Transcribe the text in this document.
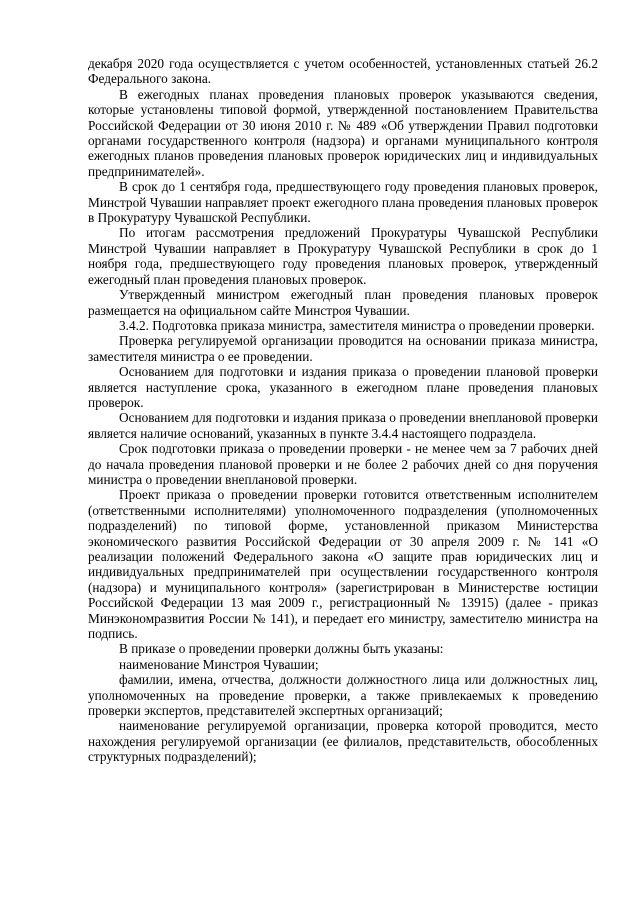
декабря 2020 года осуществляется с учетом особенностей, установленных статьей 26.2 Федерального закона.

В ежегодных планах проведения плановых проверок указываются сведения, которые установлены типовой формой, утвержденной постановлением Правительства Российской Федерации от 30 июня 2010 г. № 489 «Об утверждении Правил подготовки органами государственного контроля (надзора) и органами муниципального контроля ежегодных планов проведения плановых проверок юридических лиц и индивидуальных предпринимателей».

В срок до 1 сентября года, предшествующего году проведения плановых проверок, Минстрой Чувашии направляет проект ежегодного плана проведения плановых проверок в Прокуратуру Чувашской Республики.

По итогам рассмотрения предложений Прокуратуры Чувашской Республики Минстрой Чувашии направляет в Прокуратуру Чувашской Республики в срок до 1 ноября года, предшествующего году проведения плановых проверок, утвержденный ежегодный план проведения плановых проверок.

Утвержденный министром ежегодный план проведения плановых проверок размещается на официальном сайте Минстроя Чувашии.

3.4.2. Подготовка приказа министра, заместителя министра о проведении проверки.

Проверка регулируемой организации проводится на основании приказа министра, заместителя министра о ее проведении.

Основанием для подготовки и издания приказа о проведении плановой проверки является наступление срока, указанного в ежегодном плане проведения плановых проверок.

Основанием для подготовки и издания приказа о проведении внеплановой проверки является наличие оснований, указанных в пункте 3.4.4 настоящего подраздела.

Срок подготовки приказа о проведении проверки - не менее чем за 7 рабочих дней до начала проведения плановой проверки и не более 2 рабочих дней со дня поручения министра о проведении внеплановой проверки.

Проект приказа о проведении проверки готовится ответственным исполнителем (ответственными исполнителями) уполномоченного подразделения (уполномоченных подразделений) по типовой форме, установленной приказом Министерства экономического развития Российской Федерации от 30 апреля 2009 г. № 141 «О реализации положений Федерального закона «О защите прав юридических лиц и индивидуальных предпринимателей при осуществлении государственного контроля (надзора) и муниципального контроля» (зарегистрирован в Министерстве юстиции Российской Федерации 13 мая 2009 г., регистрационный № 13915) (далее - приказ Минэкономразвития России № 141), и передает его министру, заместителю министра на подпись.

В приказе о проведении проверки должны быть указаны:

наименование Минстроя Чувашии;

фамилии, имена, отчества, должности должностного лица или должностных лиц, уполномоченных на проведение проверки, а также привлекаемых к проведению проверки экспертов, представителей экспертных организаций;

наименование регулируемой организации, проверка которой проводится, место нахождения регулируемой организации (ее филиалов, представительств, обособленных структурных подразделений);
